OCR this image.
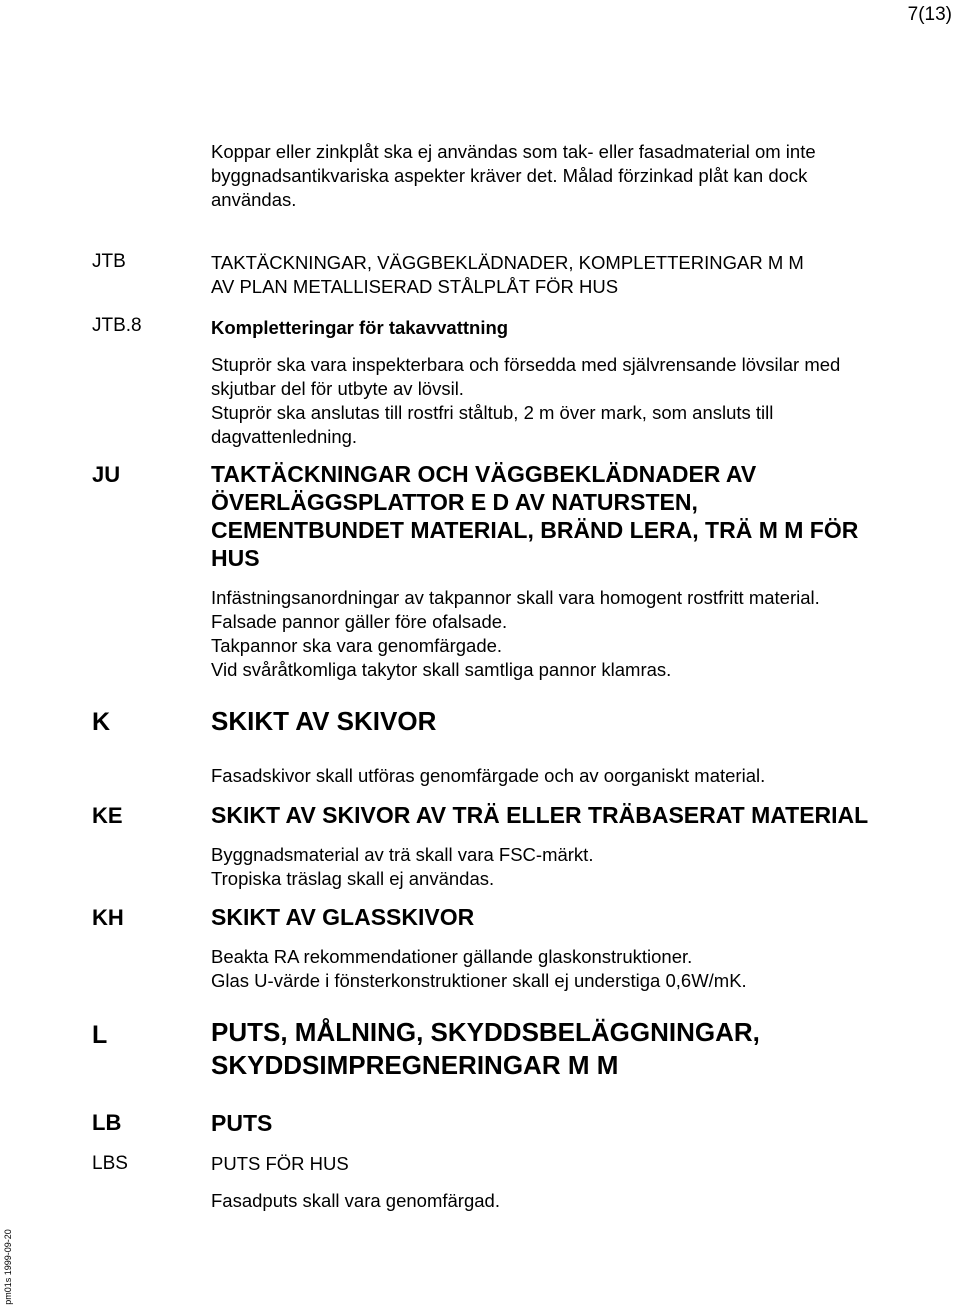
7(13)
pm01s 1999-09-20
Koppar eller zinkplåt ska ej användas som tak- eller fasadmaterial om inte
byggnadsantikvariska aspekter kräver det. Målad förzinkad plåt kan dock
användas.
JTB	TAKTÄCKNINGAR, VÄGGBEKLÄDNADER, KOMPLETTERINGAR M M
AV PLAN METALLISERAD STÅLPLÅT FÖR HUS
JTB.8	Kompletteringar för takavvattning
Stuprör ska vara inspekterbara och försedda med självrensande lövsilar med
skjutbar del för utbyte av lövsil.
Stuprör ska anslutas till rostfri ståltub, 2 m över mark, som ansluts till
dagvattenledning.
JU	TAKTÄCKNINGAR OCH VÄGGBEKLÄDNADER AV
ÖVERLÄGGSPLATTOR E D AV NATURSTEN,
CEMENTBUNDET MATERIAL, BRÄND LERA, TRÄ M M FÖR
HUS
Infästningsanordningar av takpannor skall vara homogent rostfritt material.
Falsade pannor gäller före ofalsade.
Takpannor ska vara genomfärgade.
Vid svåråtkomliga takytor skall samtliga pannor klamras.
K	SKIKT AV SKIVOR
Fasadskivor skall utföras genomfärgade och av oorganiskt material.
KE	SKIKT AV SKIVOR AV TRÄ ELLER TRÄBASERAT MATERIAL
Byggnadsmaterial av trä skall vara FSC-märkt.
Tropiska träslag skall ej användas.
KH	SKIKT AV GLASSKIVOR
Beakta RA rekommendationer gällande glaskonstruktioner.
Glas U-värde i fönsterkonstruktioner skall ej understiga 0,6W/mK.
L	PUTS, MÅLNING, SKYDDSBELÄGGNINGAR,
SKYDDSIMPREGNERINGAR M M
LB	PUTS
LBS	PUTS FÖR HUS
Fasadputs skall vara genomfärgad.
